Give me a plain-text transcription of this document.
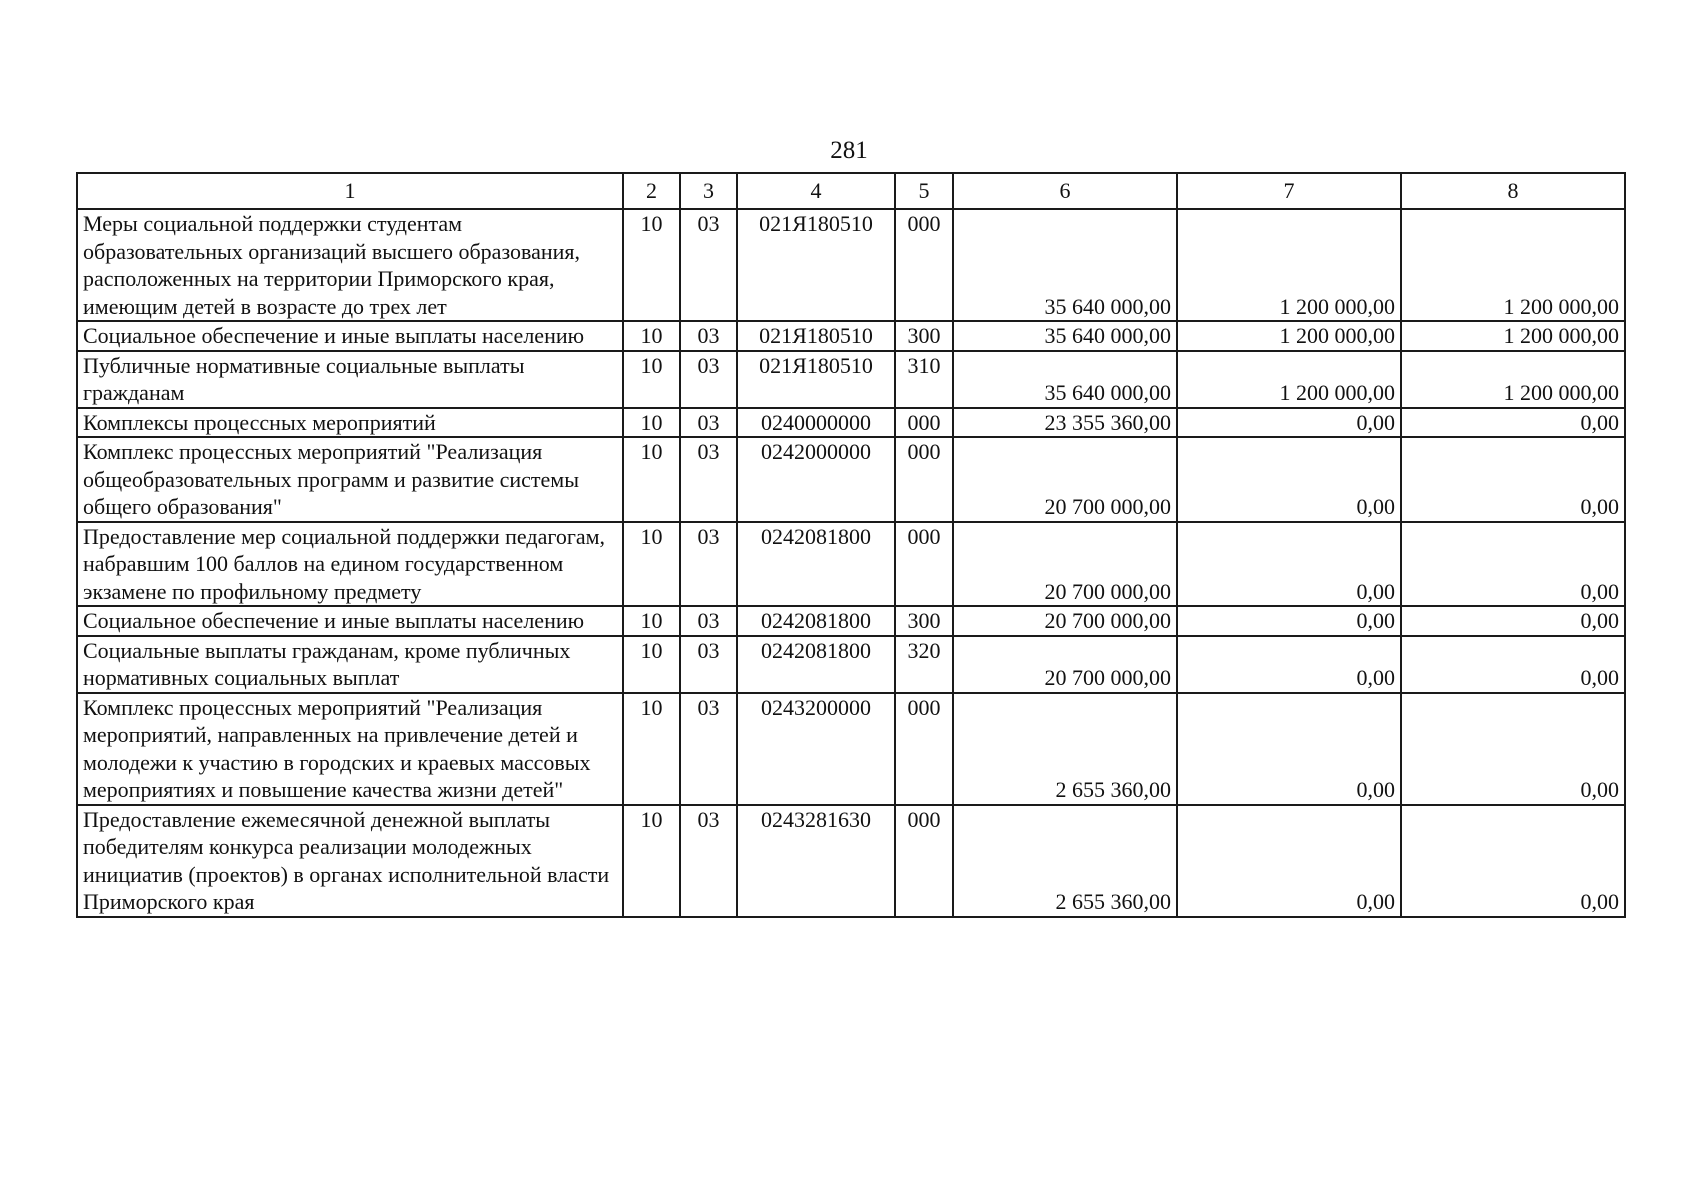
281
1	2	3	4	5	6	7	8
Меры социальной поддержки студентам образовательных организаций высшего образования, расположенных на территории Приморского края, имеющим детей в возрасте до трех лет	10	03	021Я180510	000	35 640 000,00	1 200 000,00	1 200 000,00
Социальное обеспечение и иные выплаты населению	10	03	021Я180510	300	35 640 000,00	1 200 000,00	1 200 000,00
Публичные нормативные социальные выплаты гражданам	10	03	021Я180510	310	35 640 000,00	1 200 000,00	1 200 000,00
Комплексы процессных мероприятий	10	03	0240000000	000	23 355 360,00	0,00	0,00
Комплекс процессных мероприятий "Реализация общеобразовательных программ и развитие системы общего образования"	10	03	0242000000	000	20 700 000,00	0,00	0,00
Предоставление мер социальной поддержки педагогам, набравшим 100 баллов на едином государственном экзамене по профильному предмету	10	03	0242081800	000	20 700 000,00	0,00	0,00
Социальное обеспечение и иные выплаты населению	10	03	0242081800	300	20 700 000,00	0,00	0,00
Социальные выплаты гражданам, кроме публичных нормативных социальных выплат	10	03	0242081800	320	20 700 000,00	0,00	0,00
Комплекс процессных мероприятий "Реализация мероприятий, направленных на привлечение детей и молодежи к участию в городских и краевых массовых мероприятиях и повышение качества жизни детей"	10	03	0243200000	000	2 655 360,00	0,00	0,00
Предоставление ежемесячной денежной выплаты победителям конкурса реализации молодежных инициатив (проектов) в органах исполнительной власти Приморского края	10	03	0243281630	000	2 655 360,00	0,00	0,00
